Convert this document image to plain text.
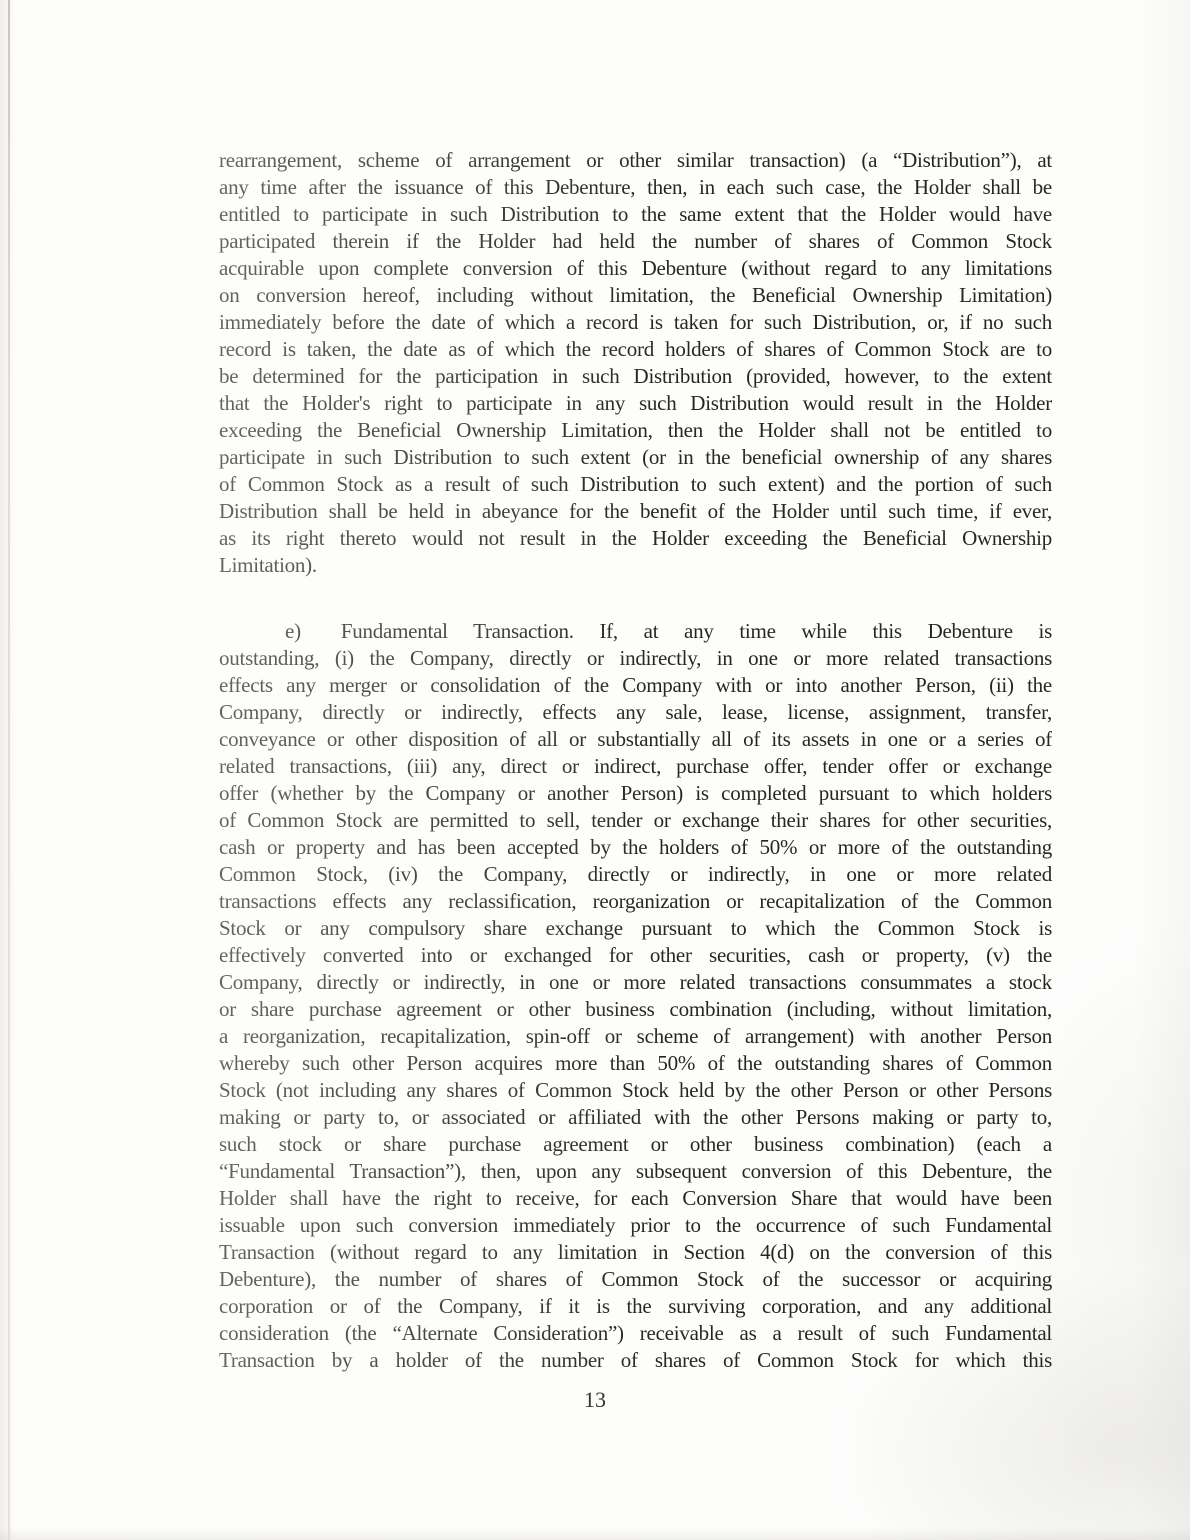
rearrangement, scheme of arrangement or other similar transaction) (a “Distribution”), at
any time after the issuance of this Debenture, then, in each such case, the Holder shall be
entitled to participate in such Distribution to the same extent that the Holder would have
participated therein if the Holder had held the number of shares of Common Stock
acquirable upon complete conversion of this Debenture (without regard to any limitations
on conversion hereof, including without limitation, the Beneficial Ownership Limitation)
immediately before the date of which a record is taken for such Distribution, or, if no such
record is taken, the date as of which the record holders of shares of Common Stock are to
be determined for the participation in such Distribution (provided, however, to the extent
that the Holder's right to participate in any such Distribution would result in the Holder
exceeding the Beneficial Ownership Limitation, then the Holder shall not be entitled to
participate in such Distribution to such extent (or in the beneficial ownership of any shares
of Common Stock as a result of such Distribution to such extent) and the portion of such
Distribution shall be held in abeyance for the benefit of the Holder until such time, if ever,
as its right thereto would not result in the Holder exceeding the Beneficial Ownership
Limitation).
e) Fundamental Transaction. If, at any time while this Debenture is
outstanding, (i) the Company, directly or indirectly, in one or more related transactions
effects any merger or consolidation of the Company with or into another Person, (ii) the
Company, directly or indirectly, effects any sale, lease, license, assignment, transfer,
conveyance or other disposition of all or substantially all of its assets in one or a series of
related transactions, (iii) any, direct or indirect, purchase offer, tender offer or exchange
offer (whether by the Company or another Person) is completed pursuant to which holders
of Common Stock are permitted to sell, tender or exchange their shares for other securities,
cash or property and has been accepted by the holders of 50% or more of the outstanding
Common Stock, (iv) the Company, directly or indirectly, in one or more related
transactions effects any reclassification, reorganization or recapitalization of the Common
Stock or any compulsory share exchange pursuant to which the Common Stock is
effectively converted into or exchanged for other securities, cash or property, (v) the
Company, directly or indirectly, in one or more related transactions consummates a stock
or share purchase agreement or other business combination (including, without limitation,
a reorganization, recapitalization, spin-off or scheme of arrangement) with another Person
whereby such other Person acquires more than 50% of the outstanding shares of Common
Stock (not including any shares of Common Stock held by the other Person or other Persons
making or party to, or associated or affiliated with the other Persons making or party to,
such stock or share purchase agreement or other business combination) (each a
“Fundamental Transaction”), then, upon any subsequent conversion of this Debenture, the
Holder shall have the right to receive, for each Conversion Share that would have been
issuable upon such conversion immediately prior to the occurrence of such Fundamental
Transaction (without regard to any limitation in Section 4(d) on the conversion of this
Debenture), the number of shares of Common Stock of the successor or acquiring
corporation or of the Company, if it is the surviving corporation, and any additional
consideration (the “Alternate Consideration”) receivable as a result of such Fundamental
Transaction by a holder of the number of shares of Common Stock for which this
13
